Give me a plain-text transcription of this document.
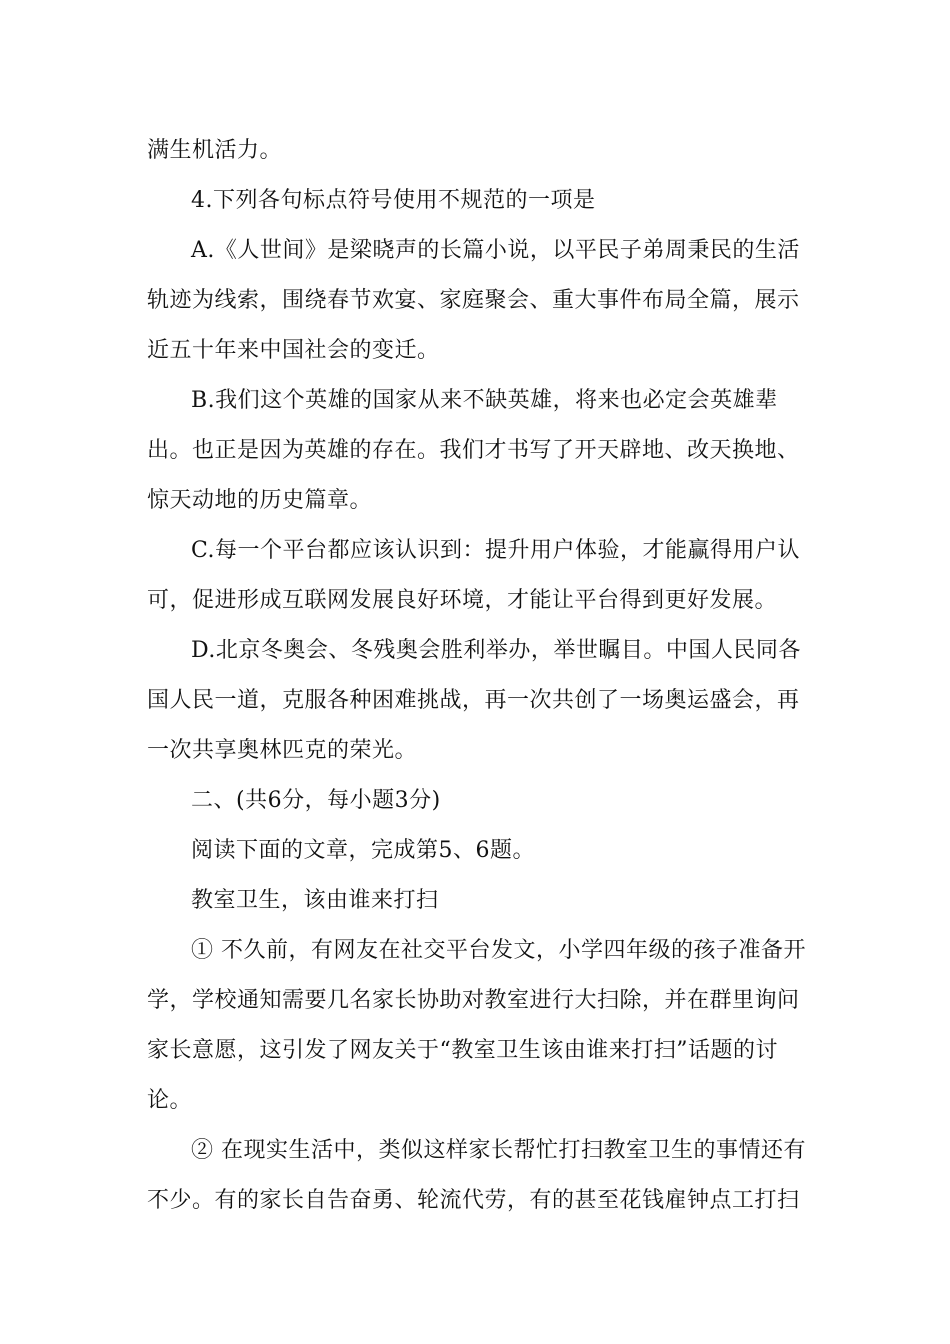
满生机活力。
4.下列各句标点符号使用不规范的一项是
A.《人世间》是梁晓声的长篇小说，以平民子弟周秉民的生活
轨迹为线索，围绕春节欢宴、家庭聚会、重大事件布局全篇，展示
近五十年来中国社会的变迁。
B.我们这个英雄的国家从来不缺英雄，将来也必定会英雄辈
出。也正是因为英雄的存在。我们才书写了开天辟地、改天换地、
惊天动地的历史篇章。
C.每一个平台都应该认识到：提升用户体验，才能赢得用户认
可，促进形成互联网发展良好环境，才能让平台得到更好发展。
D.北京冬奥会、冬残奥会胜利举办，举世瞩目。中国人民同各
国人民一道，克服各种困难挑战，再一次共创了一场奥运盛会，再
一次共享奥林匹克的荣光。
二、(共6分，每小题3分)
阅读下面的文章，完成第5、6题。
教室卫生，该由谁来打扫
① 不久前，有网友在社交平台发文，小学四年级的孩子准备开
学，学校通知需要几名家长协助对教室进行大扫除，并在群里询问
家长意愿，这引发了网友关于“教室卫生该由谁来打扫”话题的讨
论。
② 在现实生活中，类似这样家长帮忙打扫教室卫生的事情还有
不少。有的家长自告奋勇、轮流代劳，有的甚至花钱雇钟点工打扫
